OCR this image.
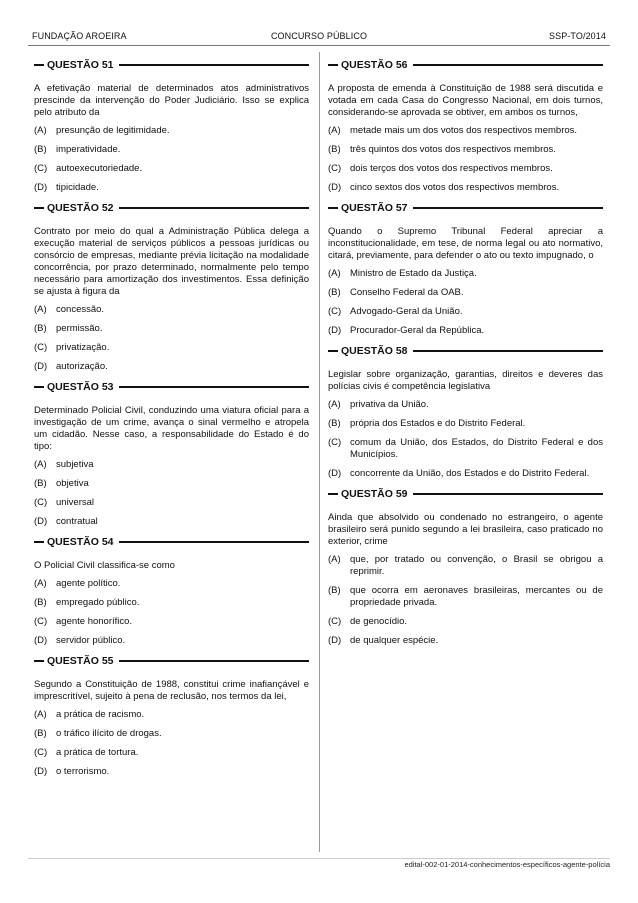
FUNDAÇÃO AROEIRA	CONCURSO PÚBLICO	SSP-TO/2014
QUESTÃO 51
A efetivação material de determinados atos administrativos prescinde da intervenção do Poder Judiciário. Isso se explica pelo atributo da
(A) presunção de legitimidade.
(B) imperatividade.
(C) autoexecutoriedade.
(D) tipicidade.
QUESTÃO 52
Contrato por meio do qual a Administração Pública delega a execução material de serviços públicos a pessoas jurídicas ou consórcio de empresas, mediante prévia licitação na modalidade concorrência, por prazo determinado, normalmente pelo tempo necessário para amortização dos investimentos. Essa definição se ajusta à figura da
(A) concessão.
(B) permissão.
(C) privatização.
(D) autorização.
QUESTÃO 53
Determinado Policial Civil, conduzindo uma viatura oficial para a investigação de um crime, avança o sinal vermelho e atropela um cidadão. Nesse caso, a responsabilidade do Estado é do tipo:
(A) subjetiva
(B) objetiva
(C) universal
(D) contratual
QUESTÃO 54
O Policial Civil classifica-se como
(A) agente político.
(B) empregado público.
(C) agente honorífico.
(D) servidor público.
QUESTÃO 55
Segundo a Constituição de 1988, constitui crime inafiançável e imprescritível, sujeito à pena de reclusão, nos termos da lei,
(A) a prática de racismo.
(B) o tráfico ilícito de drogas.
(C) a prática de tortura.
(D) o terrorismo.
QUESTÃO 56
A proposta de emenda à Constituição de 1988 será discutida e votada em cada Casa do Congresso Nacional, em dois turnos, considerando-se aprovada se obtiver, em ambos os turnos,
(A) metade mais um dos votos dos respectivos membros.
(B) três quintos dos votos dos respectivos membros.
(C) dois terços dos votos dos respectivos membros.
(D) cinco sextos dos votos dos respectivos membros.
QUESTÃO 57
Quando o Supremo Tribunal Federal apreciar a inconstitucionalidade, em tese, de norma legal ou ato normativo, citará, previamente, para defender o ato ou texto impugnado, o
(A) Ministro de Estado da Justiça.
(B) Conselho Federal da OAB.
(C) Advogado-Geral da União.
(D) Procurador-Geral da República.
QUESTÃO 58
Legislar sobre organização, garantias, direitos e deveres das polícias civis é competência legislativa
(A) privativa da União.
(B) própria dos Estados e do Distrito Federal.
(C) comum da União, dos Estados, do Distrito Federal e dos Municípios.
(D) concorrente da União, dos Estados e do Distrito Federal.
QUESTÃO 59
Ainda que absolvido ou condenado no estrangeiro, o agente brasileiro será punido segundo a lei brasileira, caso praticado no exterior, crime
(A) que, por tratado ou convenção, o Brasil se obrigou a reprimir.
(B) que ocorra em aeronaves brasileiras, mercantes ou de propriedade privada.
(C) de genocídio.
(D) de qualquer espécie.
edital-002-01-2014-conhecimentos-específicos-agente-polícia
